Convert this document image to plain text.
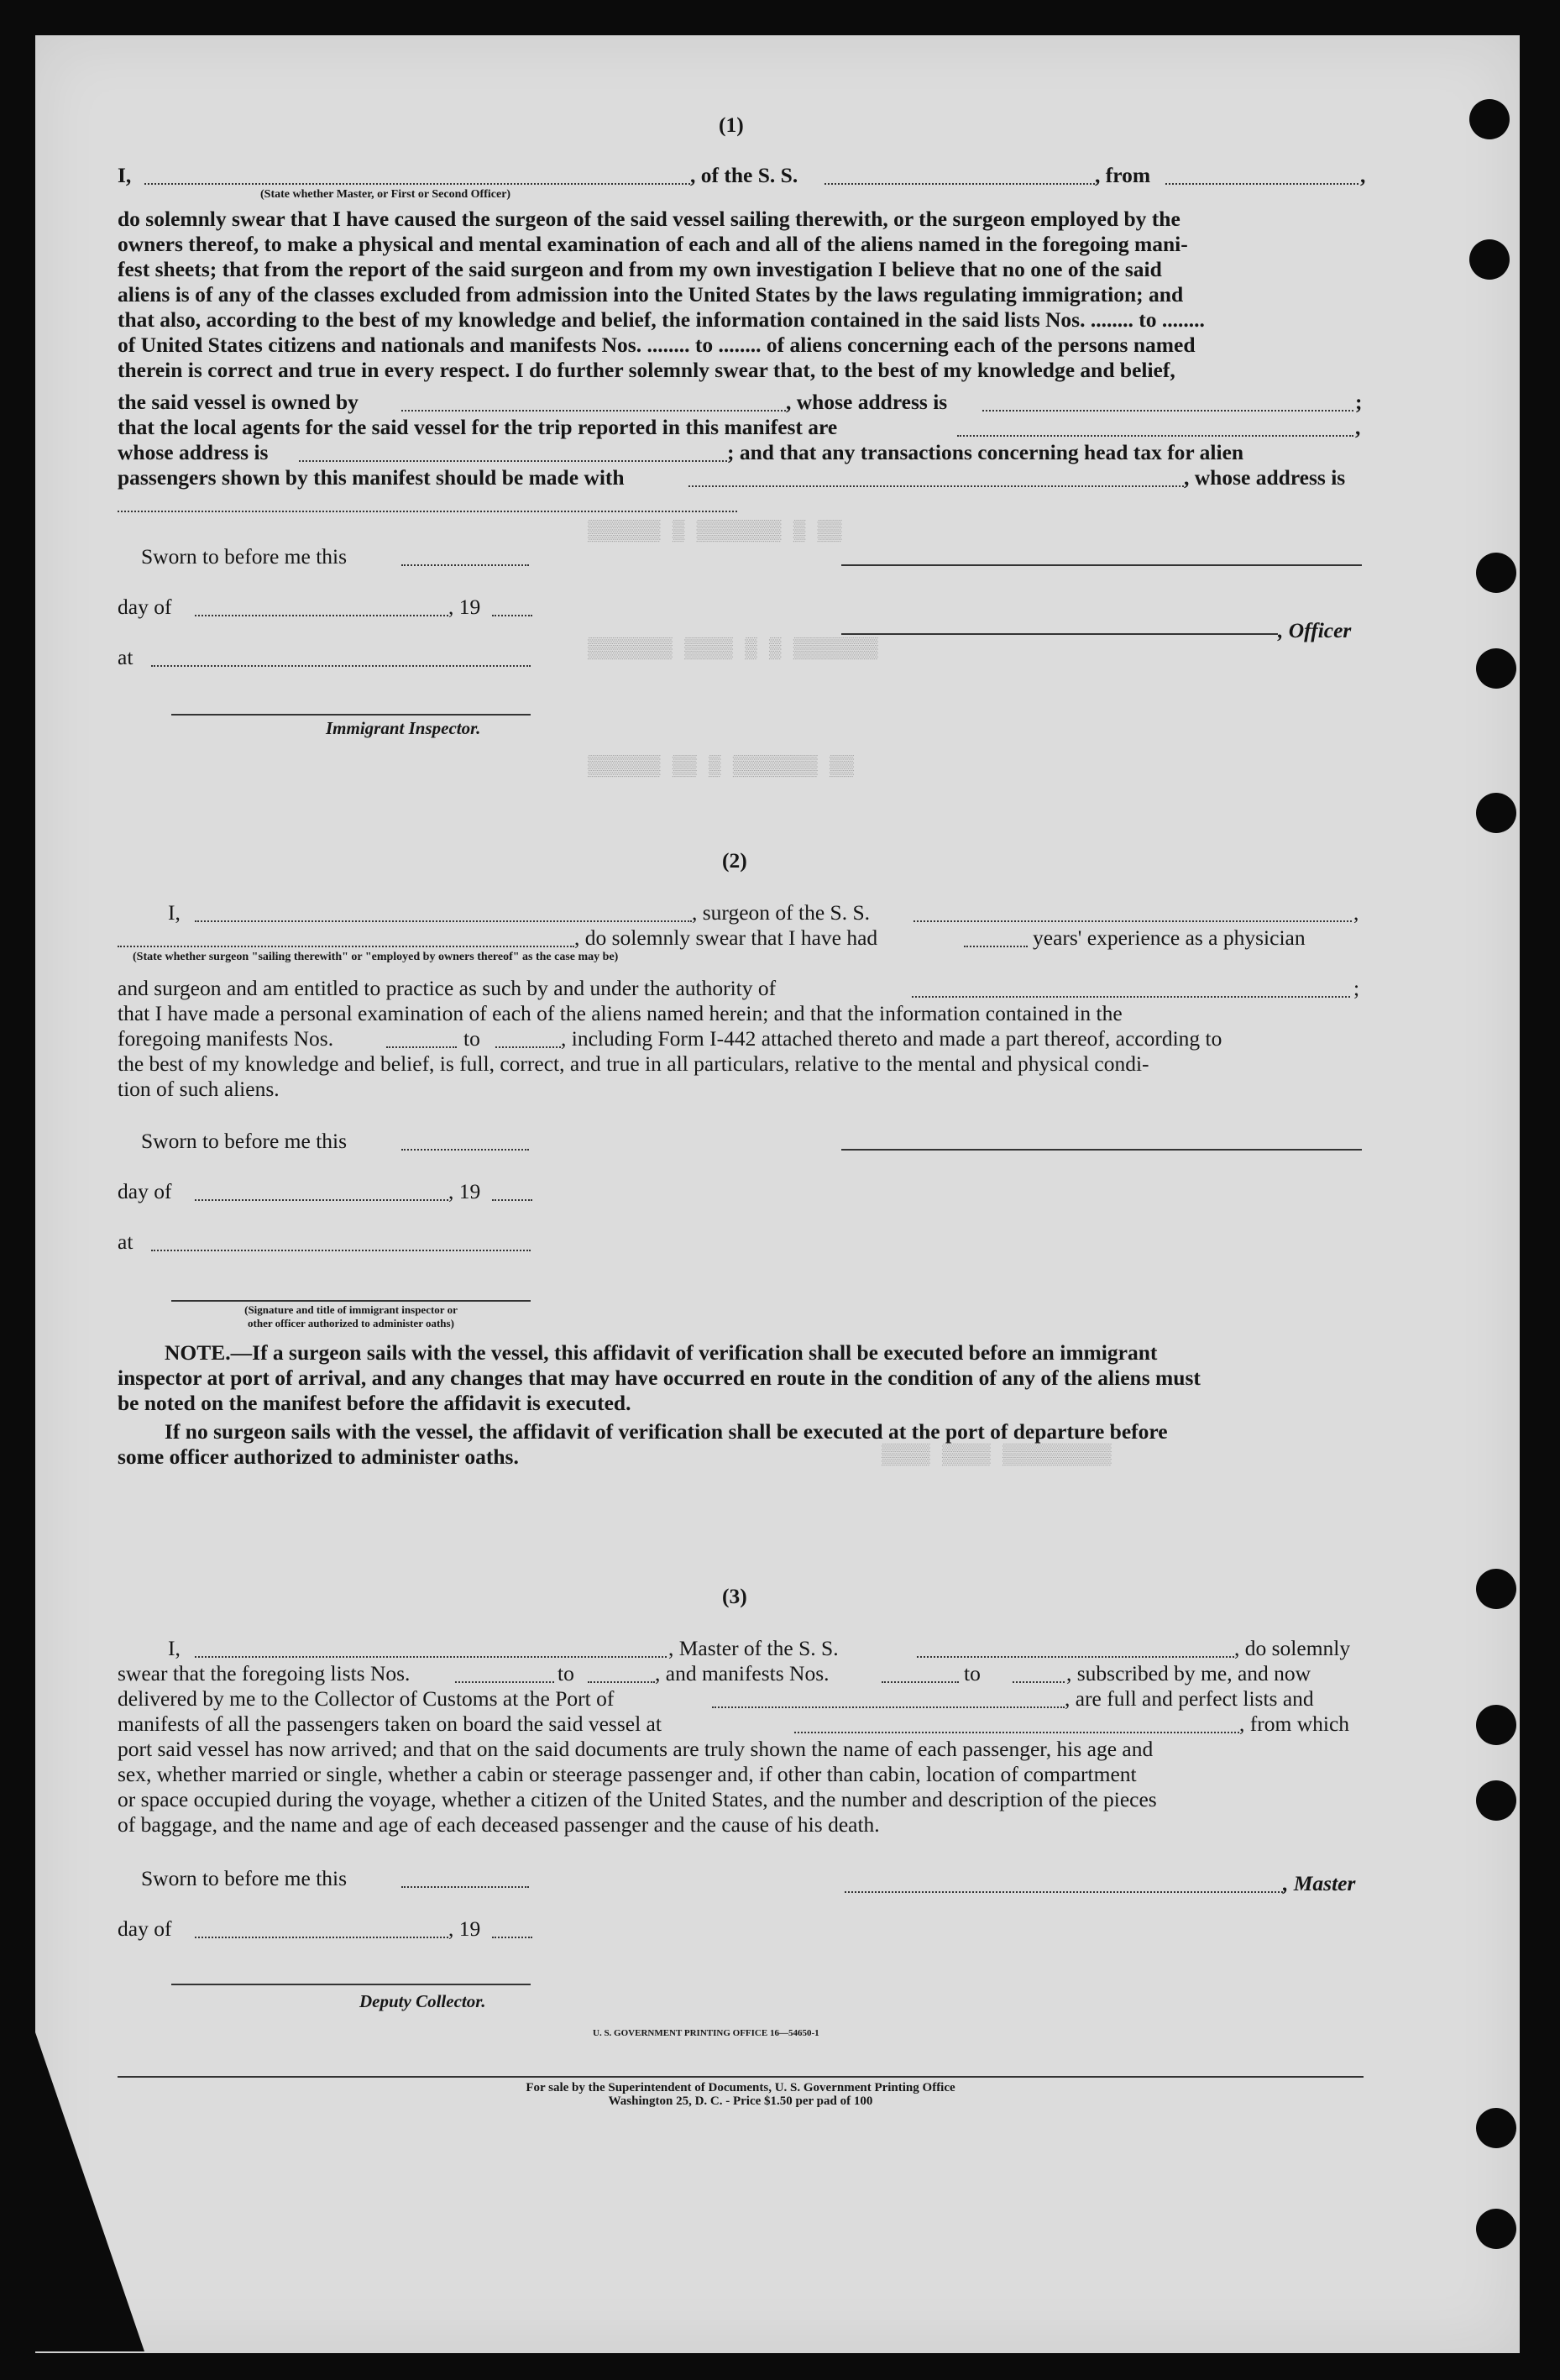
▒▒▒▒▒▒ ▒ ▒▒▒▒▒▒▒ ▒ ▒▒
▒▒▒▒▒▒▒ ▒▒▒▒ ▒ ▒ ▒▒▒▒▒▒▒
▒▒▒▒▒▒ ▒▒ ▒ ▒▒▒▒▒▒▒ ▒▒
▒▒▒▒ ▒▒▒▒ ▒▒▒▒▒▒▒▒▒
(1)
I,	, of the S. S.	, from	,
(State whether Master, or First or Second Officer)
do solemnly swear that I have caused the surgeon of the said vessel sailing therewith, or the surgeon employed by the
owners thereof, to make a physical and mental examination of each and all of the aliens named in the foregoing mani-
fest sheets; that from the report of the said surgeon and from my own investigation I believe that no one of the said
aliens is of any of the classes excluded from admission into the United States by the laws regulating immigration; and
that also, according to the best of my knowledge and belief, the information contained in the said lists Nos. ........ to ........
of United States citizens and nationals and manifests Nos. ........ to ........ of aliens concerning each of the persons named
therein is correct and true in every respect. I do further solemnly swear that, to the best of my knowledge and belief,
the said vessel is owned by	, whose address is	;
that the local agents for the said vessel for the trip reported in this manifest are	,
whose address is	; and that any transactions concerning head tax for alien
passengers shown by this manifest should be made with	, whose address is
Sworn to before me this
day of	, 19
, Officer
at
Immigrant Inspector.
(2)
I,	, surgeon of the S. S.	,
, do solemnly swear that I have had	years' experience as a physician
(State whether surgeon "sailing therewith" or "employed by owners thereof" as the case may be)
and surgeon and am entitled to practice as such by and under the authority of	;
that I have made a personal examination of each of the aliens named herein; and that the information contained in the
foregoing manifests Nos.	to	, including Form I-442 attached thereto and made a part thereof, according to
the best of my knowledge and belief, is full, correct, and true in all particulars, relative to the mental and physical condi-
tion of such aliens.
Sworn to before me this
day of	, 19
at
(Signature and title of immigrant inspector or
other officer authorized to administer oaths)
NOTE.—If a surgeon sails with the vessel, this affidavit of verification shall be executed before an immigrant
inspector at port of arrival, and any changes that may have occurred en route in the condition of any of the aliens must
be noted on the manifest before the affidavit is executed.
If no surgeon sails with the vessel, the affidavit of verification shall be executed at the port of departure before
some officer authorized to administer oaths.
(3)
I,	, Master of the S. S.	, do solemnly
swear that the foregoing lists Nos.	to	, and manifests Nos.	to	, subscribed by me, and now
delivered by me to the Collector of Customs at the Port of	, are full and perfect lists and
manifests of all the passengers taken on board the said vessel at	, from which
port said vessel has now arrived; and that on the said documents are truly shown the name of each passenger, his age and
sex, whether married or single, whether a cabin or steerage passenger and, if other than cabin, location of compartment
or space occupied during the voyage, whether a citizen of the United States, and the number and description of the pieces
of baggage, and the name and age of each deceased passenger and the cause of his death.
Sworn to before me this	, Master
day of	, 19
Deputy Collector.
U. S. GOVERNMENT PRINTING OFFICE 16—54650-1
For sale by the Superintendent of Documents, U. S. Government Printing Office
Washington 25, D. C. - Price $1.50 per pad of 100
